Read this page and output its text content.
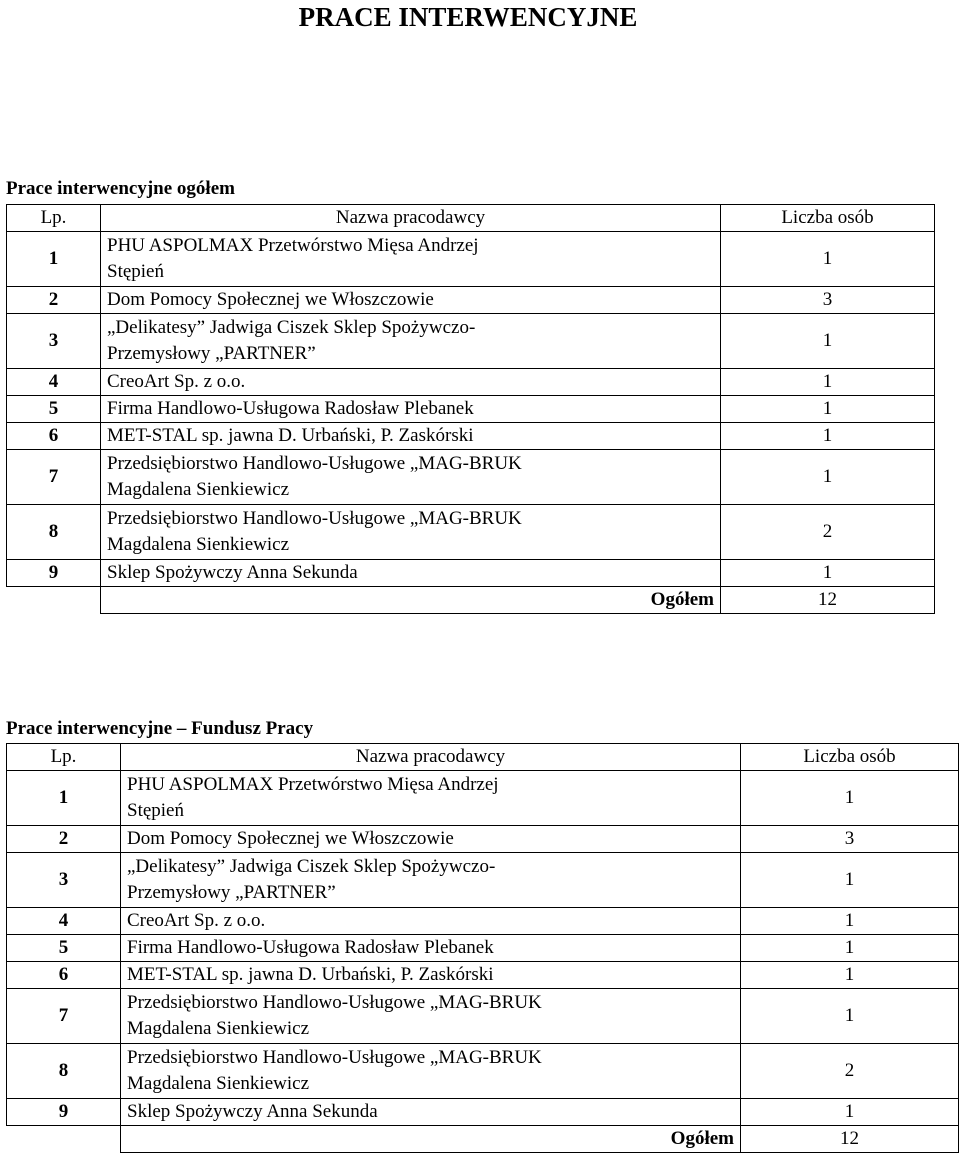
PRACE INTERWENCYJNE
Prace interwencyjne ogółem
Lp.	Nazwa pracodawcy	Liczba osób
1	PHU ASPOLMAX Przetwórstwo Mięsa Andrzej
Stępień	1
2	Dom Pomocy Społecznej we Włoszczowie	3
3	„Delikatesy” Jadwiga Ciszek Sklep Spożywczo-
Przemysłowy „PARTNER”	1
4	CreoArt Sp. z o.o.	1
5	Firma Handlowo-Usługowa Radosław Plebanek	1
6	MET-STAL sp. jawna D. Urbański, P. Zaskórski	1
7	Przedsiębiorstwo Handlowo-Usługowe „MAG-BRUK
Magdalena Sienkiewicz	1
8	Przedsiębiorstwo Handlowo-Usługowe „MAG-BRUK
Magdalena Sienkiewicz	2
9	Sklep Spożywczy Anna Sekunda	1
	Ogółem	12
Prace interwencyjne – Fundusz Pracy
Lp.	Nazwa pracodawcy	Liczba osób
1	PHU ASPOLMAX Przetwórstwo Mięsa Andrzej
Stępień	1
2	Dom Pomocy Społecznej we Włoszczowie	3
3	„Delikatesy” Jadwiga Ciszek Sklep Spożywczo-
Przemysłowy „PARTNER”	1
4	CreoArt Sp. z o.o.	1
5	Firma Handlowo-Usługowa Radosław Plebanek	1
6	MET-STAL sp. jawna D. Urbański, P. Zaskórski	1
7	Przedsiębiorstwo Handlowo-Usługowe „MAG-BRUK
Magdalena Sienkiewicz	1
8	Przedsiębiorstwo Handlowo-Usługowe „MAG-BRUK
Magdalena Sienkiewicz	2
9	Sklep Spożywczy Anna Sekunda	1
	Ogółem	12
